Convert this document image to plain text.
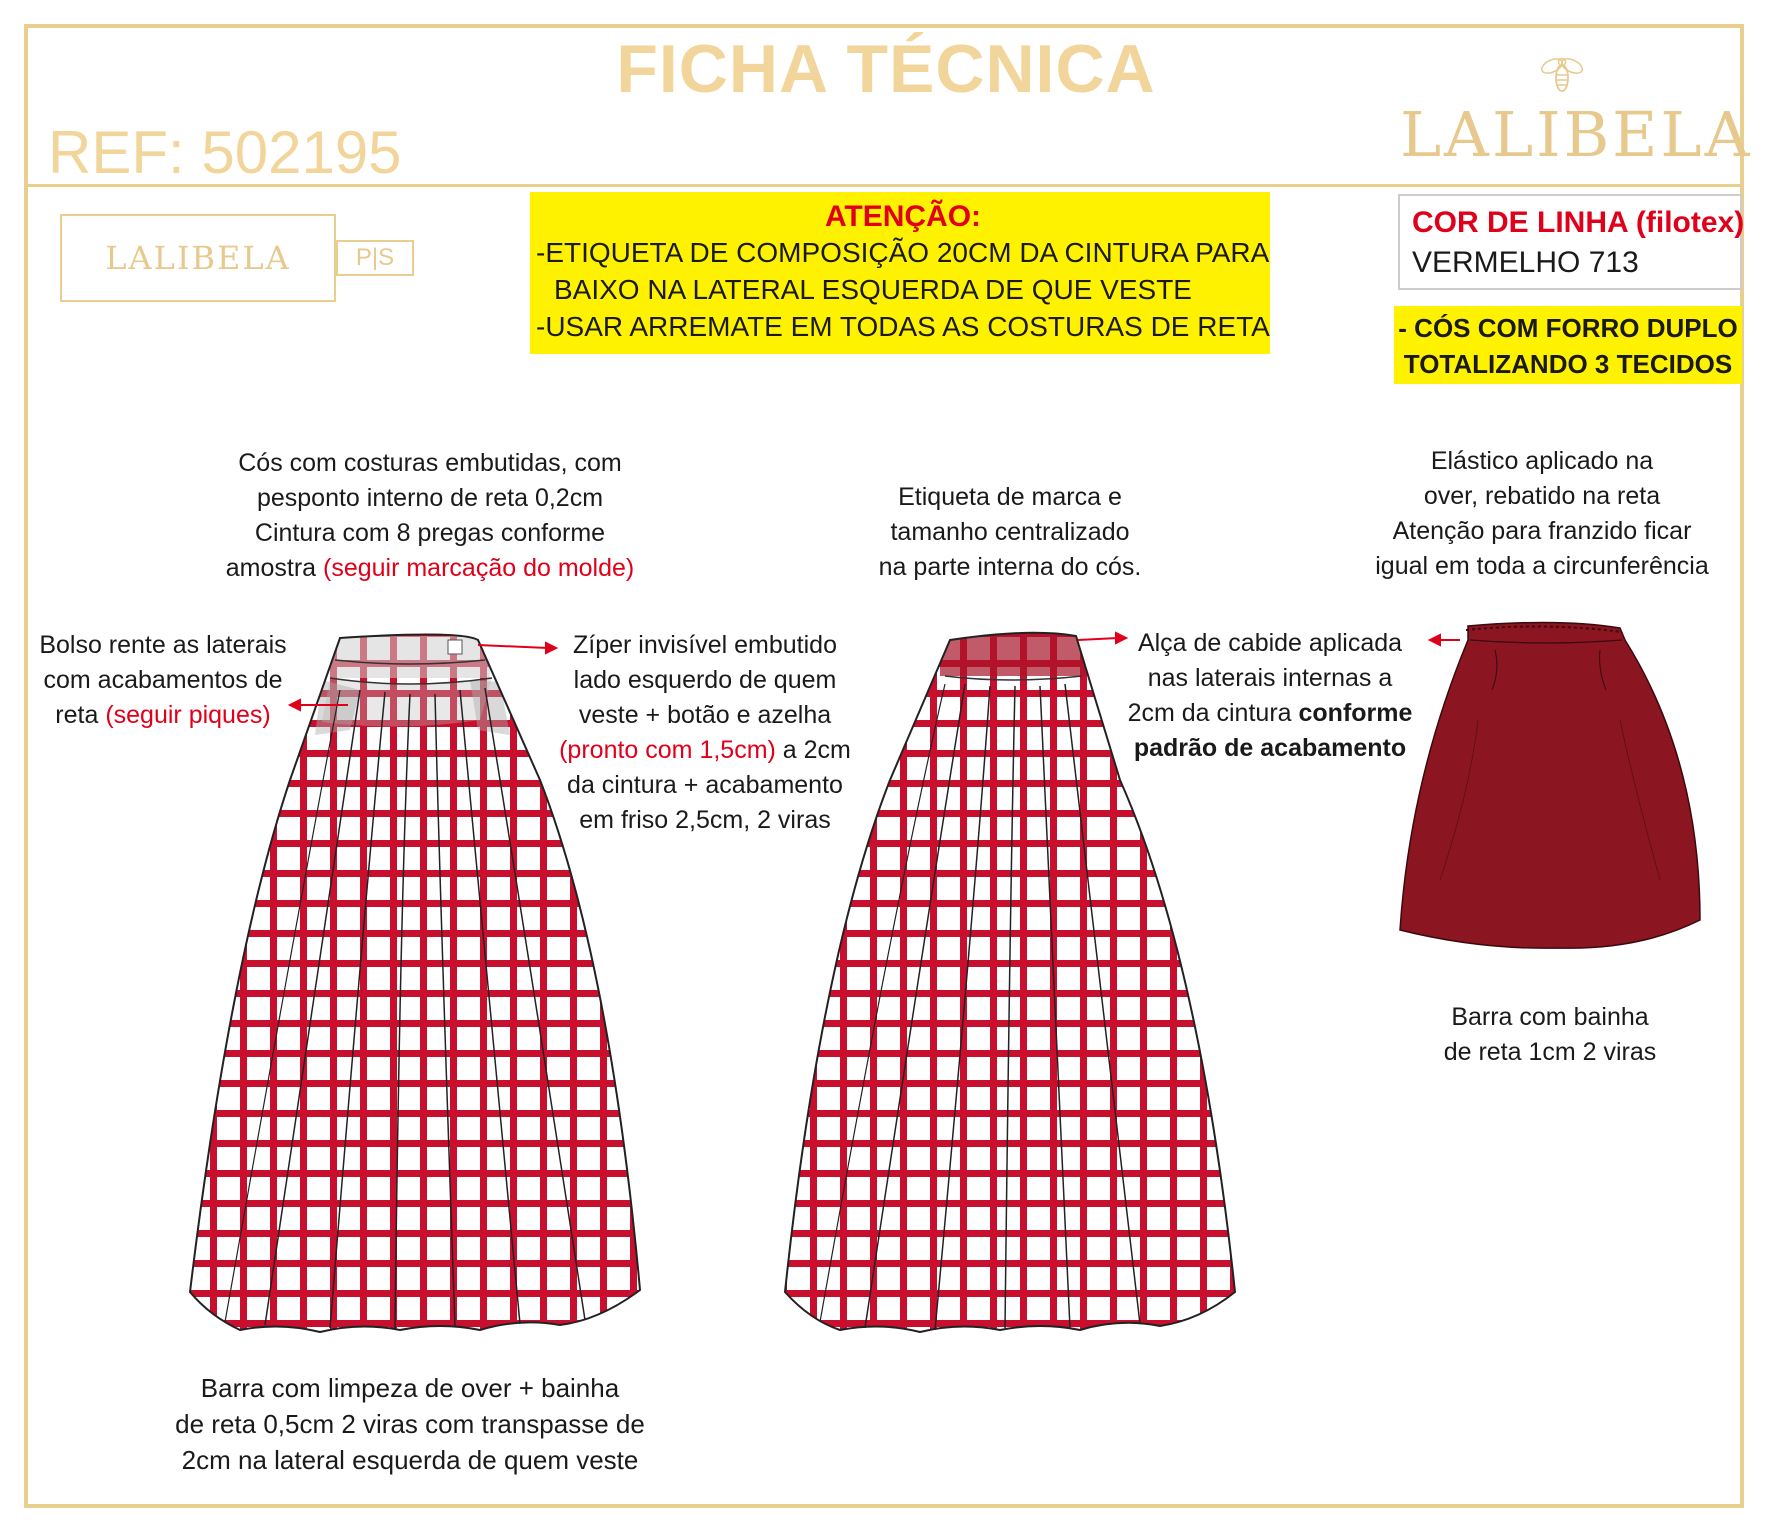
FICHA TÉCNICA
REF: 502195	LALIBELA
LALIBELA	P|S
ATENÇÃO:
-ETIQUETA DE COMPOSIÇÃO 20CM DA CINTURA PARA
BAIXO NA LATERAL ESQUERDA DE QUE VESTE
-USAR ARREMATE EM TODAS AS COSTURAS DE RETA
COR DE LINHA (filotex)
VERMELHO 713
- CÓS COM FORRO DUPLO
TOTALIZANDO 3 TECIDOS
Cós com costuras embutidas, com
pesponto interno de reta 0,2cm
Cintura com 8 pregas conforme
amostra (seguir marcação do molde)
Bolso rente as laterais
com acabamentos de
reta (seguir piques)
Zíper invisível embutido
lado esquerdo de quem
veste + botão e azelha
(pronto com 1,5cm) a 2cm
da cintura + acabamento
em friso 2,5cm, 2 viras
Etiqueta de marca e
tamanho centralizado
na parte interna do cós.
Alça de cabide aplicada
nas laterais internas a
2cm da cintura conforme
padrão de acabamento
Elástico aplicado na
over, rebatido na reta
Atenção para franzido ficar
igual em toda a circunferência
Barra com bainha
de reta 1cm 2 viras
Barra com limpeza de over + bainha
de reta 0,5cm 2 viras com transpasse de
2cm na lateral esquerda de quem veste
